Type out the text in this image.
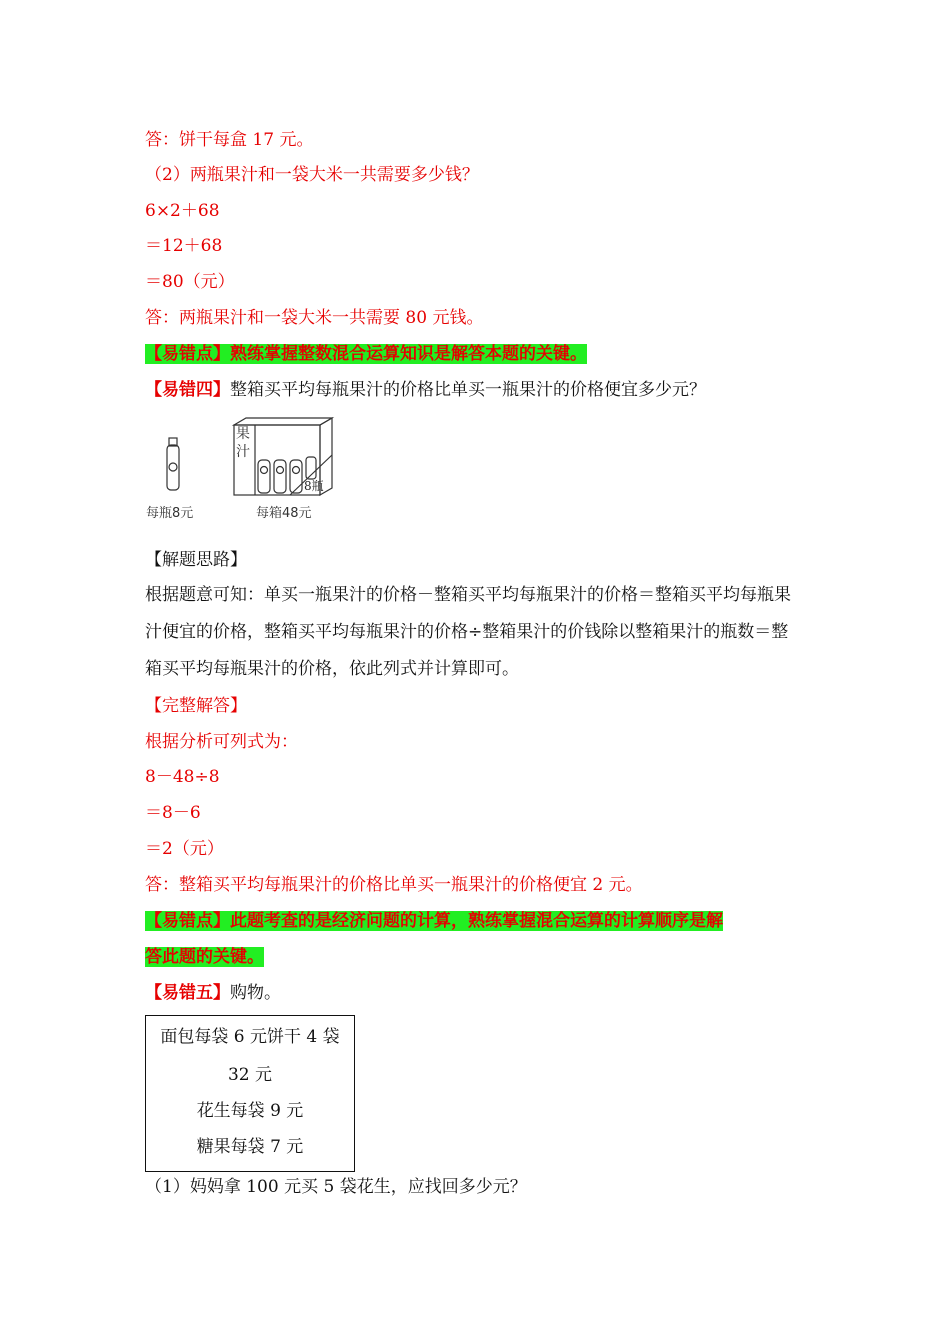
答：饼干每盒 17 元。
（2）两瓶果汁和一袋大米一共需要多少钱？
6×2＋68
＝12＋68
＝80（元）
答：两瓶果汁和一袋大米一共需要 80 元钱。
【易错点】熟练掌握整数混合运算知识是解答本题的关键。
【易错四】整箱买平均每瓶果汁的价格比单买一瓶果汁的价格便宜多少元？
果汁
8瓶
每瓶8元	每箱48元
【解题思路】
根据题意可知：单买一瓶果汁的价格－整箱买平均每瓶果汁的价格＝整箱买平均每瓶果汁便宜的价格，整箱买平均每瓶果汁的价格÷整箱果汁的价钱除以整箱果汁的瓶数＝整箱买平均每瓶果汁的价格，依此列式并计算即可。
【完整解答】
根据分析可列式为：
8－48÷8
＝8－6
＝2（元）
答：整箱买平均每瓶果汁的价格比单买一瓶果汁的价格便宜 2 元。
【易错点】此题考查的是经济问题的计算，熟练掌握混合运算的计算顺序是解
答此题的关键。
【易错五】购物。
面包每袋 6 元饼干 4 袋
32 元
花生每袋 9 元
糖果每袋 7 元
（1）妈妈拿 100 元买 5 袋花生，应找回多少元？
